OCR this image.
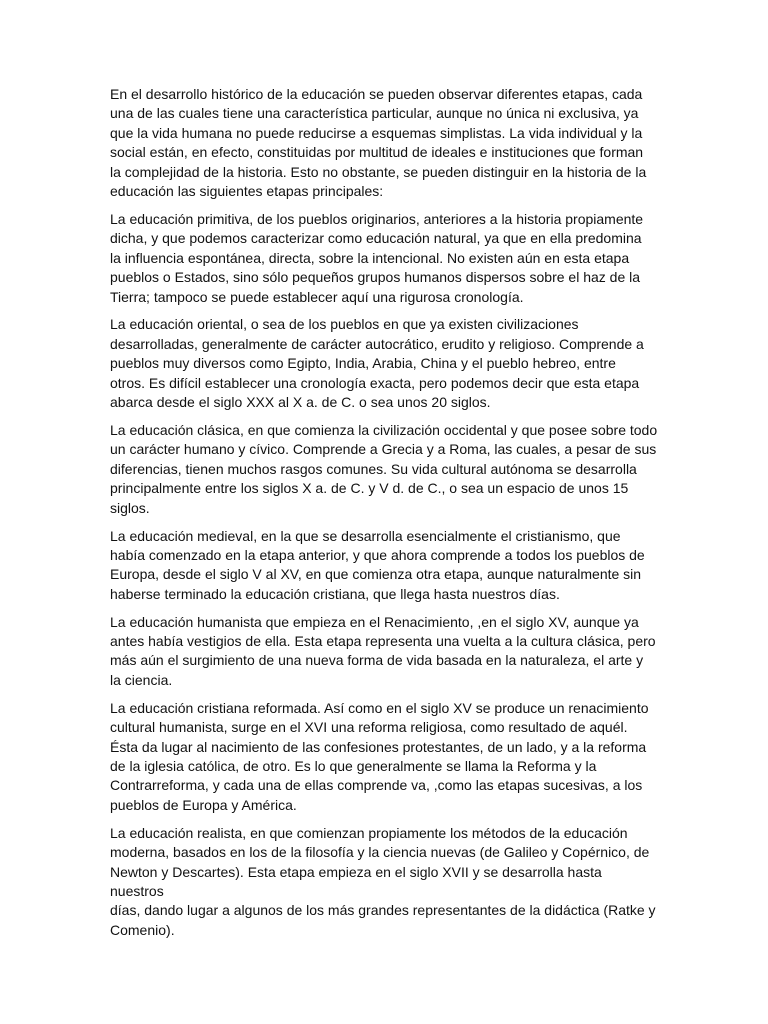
En el desarrollo histórico de la educación se pueden observar diferentes etapas, cada
una de las cuales tiene una característica particular, aunque no única ni exclusiva, ya
que la vida humana no puede reducirse a esquemas simplistas. La vida individual y la
social están, en efecto, constituidas por multitud de ideales e instituciones que forman
la complejidad de la historia. Esto no obstante, se pueden distinguir en la historia de la
educación las siguientes etapas principales:

La educación primitiva, de los pueblos originarios, anteriores a la historia propiamente
dicha, y que podemos caracterizar como educación natural, ya que en ella predomina
la influencia espontánea, directa, sobre la intencional. No existen aún en esta etapa
pueblos o Estados, sino sólo pequeños grupos humanos dispersos sobre el haz de la
Tierra; tampoco se puede establecer aquí una rigurosa cronología.

La educación oriental, o sea de los pueblos en que ya existen civilizaciones
desarrolladas, generalmente de carácter autocrático, erudito y religioso. Comprende a
pueblos muy diversos como Egipto, India, Arabia, China y el pueblo hebreo, entre
otros. Es difícil establecer una cronología exacta, pero podemos decir que esta etapa
abarca desde el siglo XXX al X a. de C. o sea unos 20 siglos.

La educación clásica, en que comienza la civilización occidental y que posee sobre todo
un carácter humano y cívico. Comprende a Grecia y a Roma, las cuales, a pesar de sus
diferencias, tienen muchos rasgos comunes. Su vida cultural autónoma se desarrolla
principalmente entre los siglos X a. de C. y V d. de C., o sea un espacio de unos 15
siglos.

La educación medieval, en la que se desarrolla esencialmente el cristianismo, que
había comenzado en la etapa anterior, y que ahora comprende a todos los pueblos de
Europa, desde el siglo V al XV, en que comienza otra etapa, aunque naturalmente sin
haberse terminado la educación cristiana, que llega hasta nuestros días.

La educación humanista que empieza en el Renacimiento, ,en el siglo XV, aunque ya
antes había vestigios de ella. Esta etapa representa una vuelta a la cultura clásica, pero
más aún el surgimiento de una nueva forma de vida basada en la naturaleza, el arte y
la ciencia.

La educación cristiana reformada. Así como en el siglo XV se produce un renacimiento
cultural humanista, surge en el XVI una reforma religiosa, como resultado de aquél.
Ésta da lugar al nacimiento de las confesiones protestantes, de un lado, y a la reforma
de la iglesia católica, de otro. Es lo que generalmente se llama la Reforma y la
Contrarreforma, y cada una de ellas comprende va, ,como las etapas sucesivas, a los
pueblos de Europa y América.

La educación realista, en que comienzan propiamente los métodos de la educación
moderna, basados en los de la filosofía y la ciencia nuevas (de Galileo y Copérnico, de
Newton y Descartes). Esta etapa empieza en el siglo XVII y se desarrolla hasta nuestros
días, dando lugar a algunos de los más grandes representantes de la didáctica (Ratke y
Comenio).
